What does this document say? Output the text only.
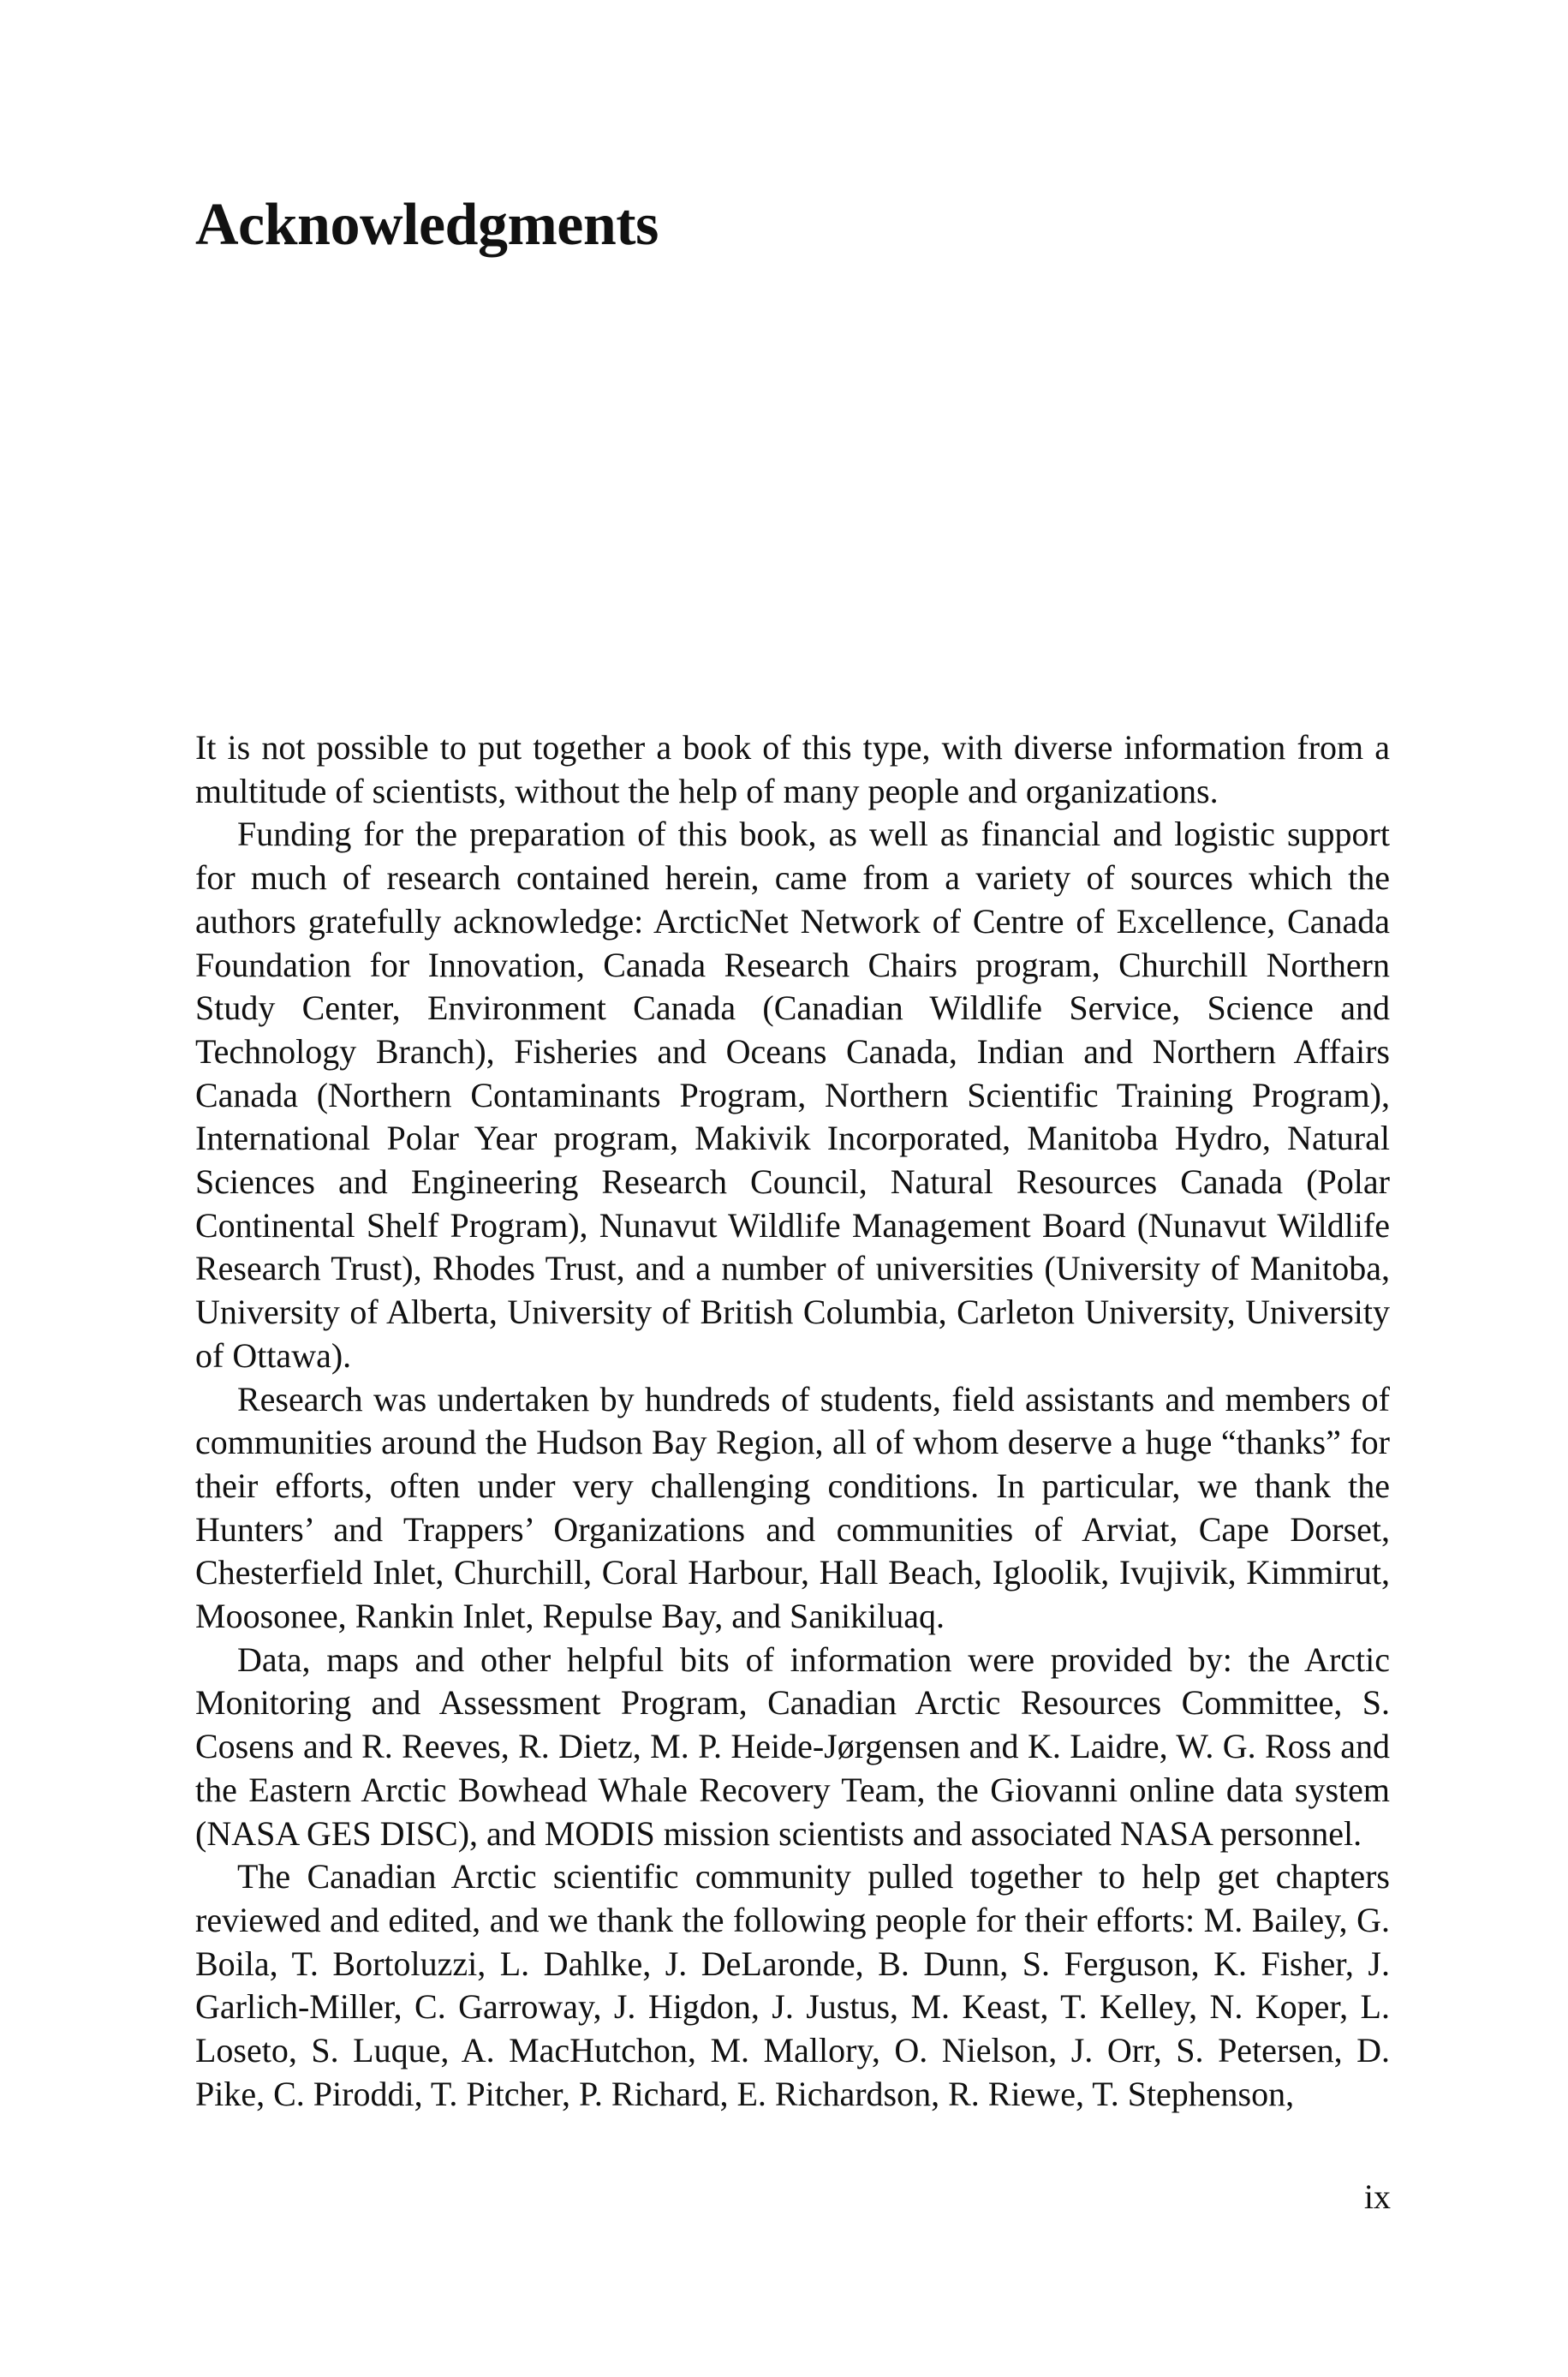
Acknowledgments

It is not possible to put together a book of this type, with diverse information from a multitude of scientists, without the help of many people and organizations.

Funding for the preparation of this book, as well as financial and logistic support for much of research contained herein, came from a variety of sources which the authors gratefully acknowledge: ArcticNet Network of Centre of Excellence, Canada Foundation for Innovation, Canada Research Chairs program, Churchill Northern Study Center, Environment Canada (Canadian Wildlife Service, Science and Technology Branch), Fisheries and Oceans Canada, Indian and Northern Affairs Canada (Northern Contaminants Program, Northern Scientific Training Program), International Polar Year program, Makivik Incorporated, Manitoba Hydro, Natural Sciences and Engineering Research Council, Natural Resources Canada (Polar Continental Shelf Program), Nunavut Wildlife Management Board (Nunavut Wildlife Research Trust), Rhodes Trust, and a number of universities (University of Manitoba, University of Alberta, University of British Columbia, Carleton University, University of Ottawa).

Research was undertaken by hundreds of students, field assistants and members of communities around the Hudson Bay Region, all of whom deserve a huge “thanks” for their efforts, often under very challenging conditions. In particular, we thank the Hunters’ and Trappers’ Organizations and communities of Arviat, Cape Dorset, Chesterfield Inlet, Churchill, Coral Harbour, Hall Beach, Igloolik, Ivujivik, Kimmirut, Moosonee, Rankin Inlet, Repulse Bay, and Sanikiluaq.

Data, maps and other helpful bits of information were provided by: the Arctic Monitoring and Assessment Program, Canadian Arctic Resources Committee, S. Cosens and R. Reeves, R. Dietz, M. P. Heide-Jørgensen and K. Laidre, W. G. Ross and the Eastern Arctic Bowhead Whale Recovery Team, the Giovanni online data system (NASA GES DISC), and MODIS mission scientists and associated NASA personnel.

The Canadian Arctic scientific community pulled together to help get chapters reviewed and edited, and we thank the following people for their efforts: M. Bailey, G. Boila, T. Bortoluzzi, L. Dahlke, J. DeLaronde, B. Dunn, S. Ferguson, K. Fisher, J. Garlich-Miller, C. Garroway, J. Higdon, J. Justus, M. Keast, T. Kelley, N. Koper, L. Loseto, S. Luque, A. MacHutchon, M. Mallory, O. Nielson, J. Orr, S. Petersen, D. Pike, C. Piroddi, T. Pitcher, P. Richard, E. Richardson, R. Riewe, T. Stephenson,

ix
